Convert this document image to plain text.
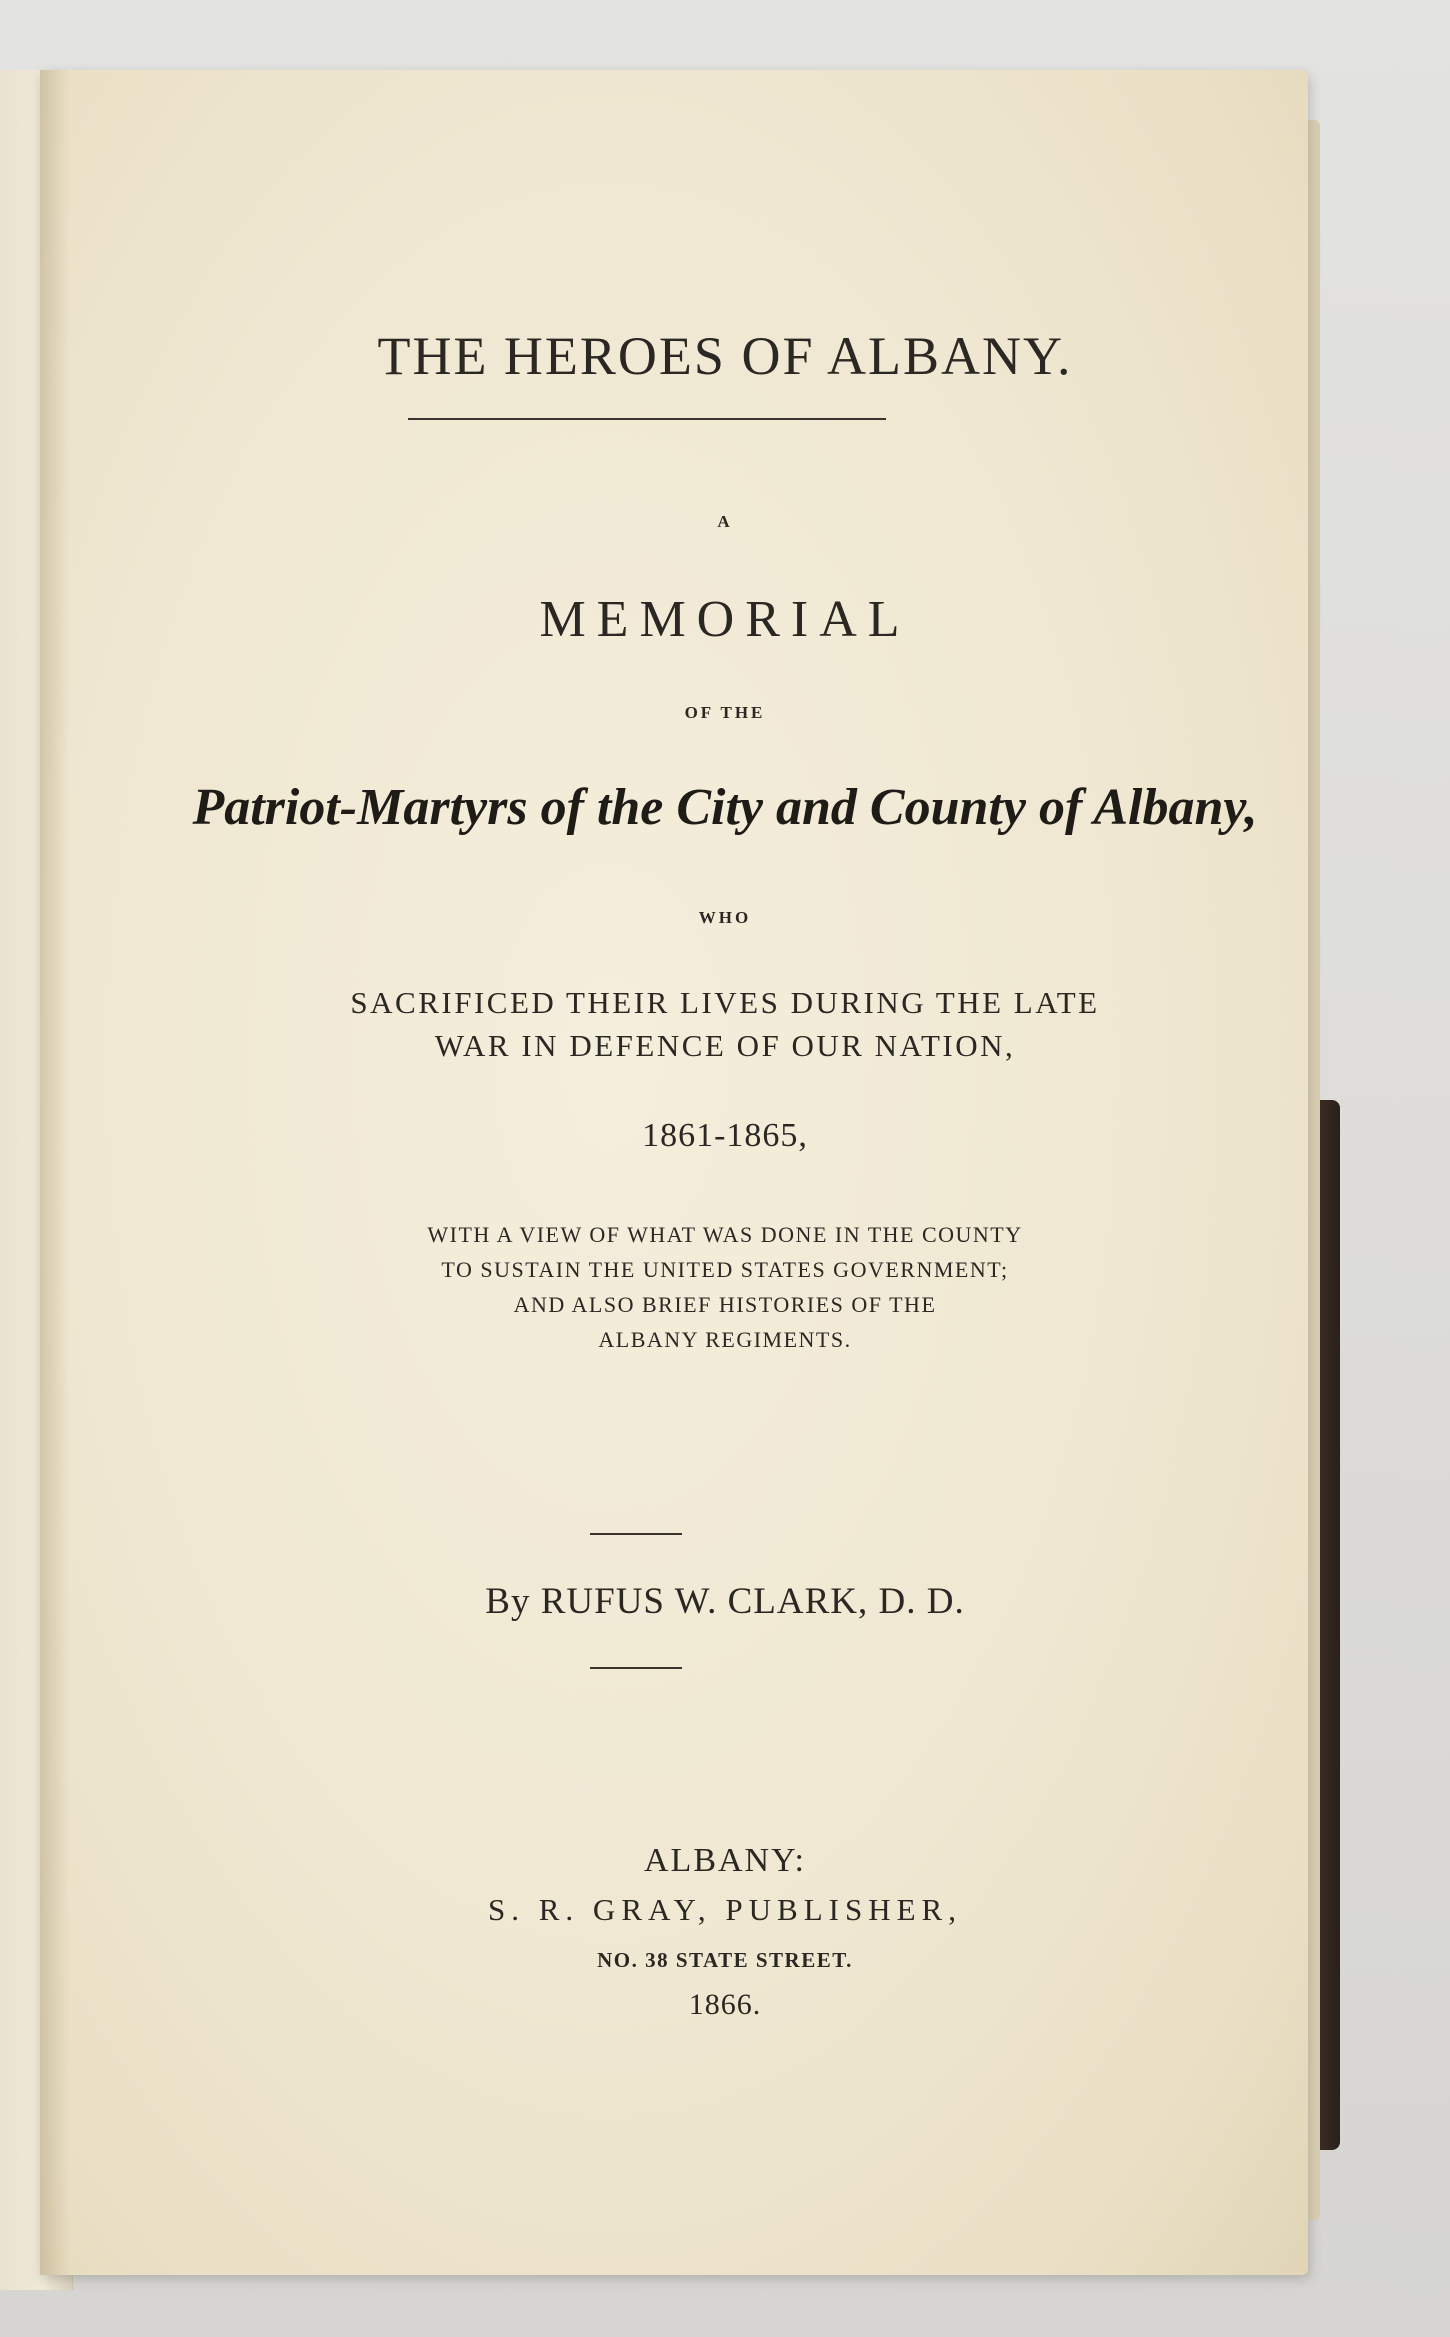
THE HEROES OF ALBANY.
A
MEMORIAL
OF THE
Patriot-Martyrs of the City and County of Albany,
WHO
SACRIFICED THEIR LIVES DURING THE LATE
WAR IN DEFENCE OF OUR NATION,
1861-1865,
WITH A VIEW OF WHAT WAS DONE IN THE COUNTY
TO SUSTAIN THE UNITED STATES GOVERNMENT;
AND ALSO BRIEF HISTORIES OF THE
ALBANY REGIMENTS.
By RUFUS W. CLARK, D. D.
ALBANY:
S. R. GRAY, PUBLISHER,
NO. 38 STATE STREET.
1866.
